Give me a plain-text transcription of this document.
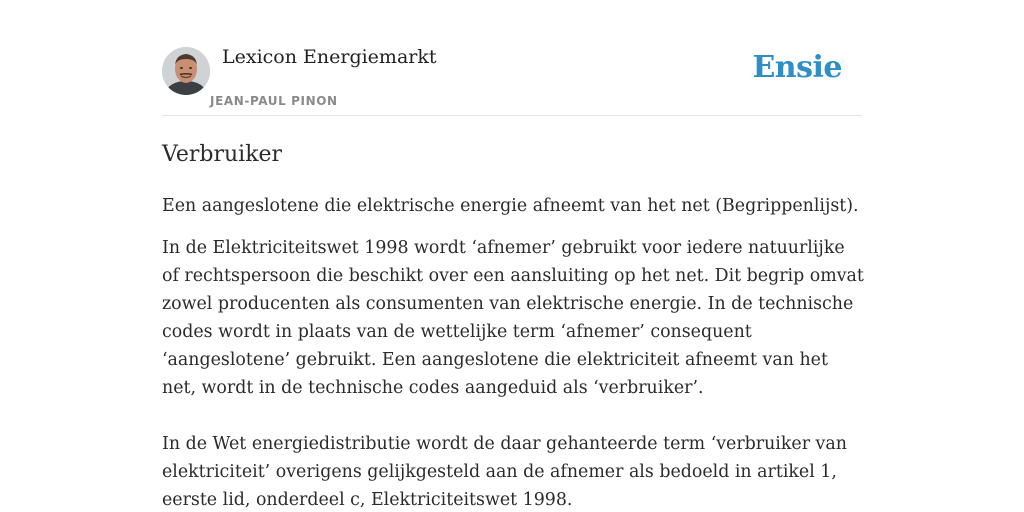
Lexicon Energiemarkt
JEAN-PAUL PINON
Ensie
Verbruiker

Een aangeslotene die elektrische energie afneemt van het net (Begrippenlijst).

In de Elektriciteitswet 1998 wordt ‘afnemer’ gebruikt voor iedere natuurlijke of rechtspersoon die beschikt over een aansluiting op het net. Dit begrip omvat zowel producenten als consumenten van elektrische energie. In de technische codes wordt in plaats van de wettelijke term ‘afnemer’ consequent ‘aangeslotene’ gebruikt. Een aangeslotene die elektriciteit afneemt van het net, wordt in de technische codes aangeduid als ‘verbruiker’.

In de Wet energiedistributie wordt de daar gehanteerde term ‘verbruiker van elektriciteit’ overigens gelijkgesteld aan de afnemer als bedoeld in artikel 1, eerste lid, onderdeel c, Elektriciteitswet 1998.
